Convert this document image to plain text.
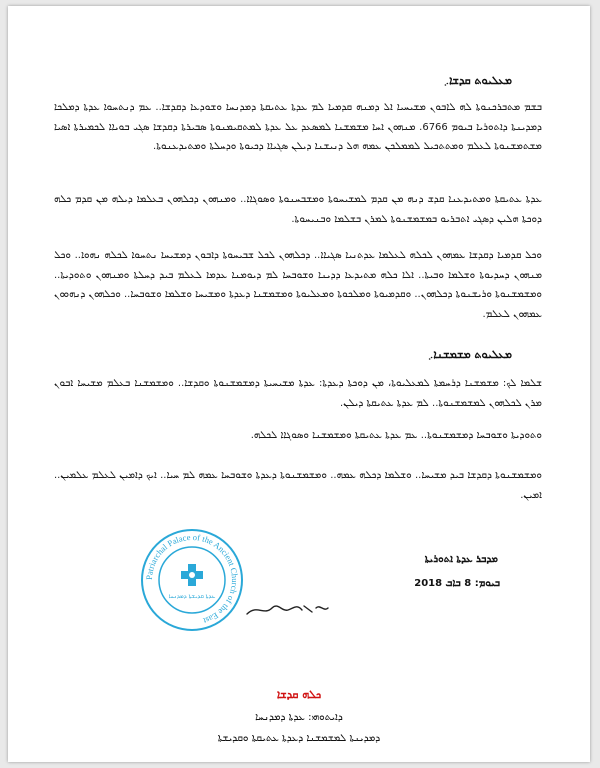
ܡܥܠܝܘܬ ܩܕܫܐ܇
ܒܫܡ ܡܬܒܪܟܢܘܬܐ ܠܗ ܠܐܒܘܢ ܡܫܝܚܝܐ ܐܠ ܕܡܢܗ ܩܕܡܝܐ ܠܡ ܥܕܬܐ ܥܬܝܩܬܐ ܕܡܕܢܚܐ ܘܫܘܕܥܐ ܕܩܕܫܐ.. ܥܡ ܕܢܬܚܘܐ ܥܕܬܐ ܕܡܠܟܐ ܕܡܕܝܢܬܐ ܕܐܬܘܪܝܐ ܒܝܘܡ 6766. ܡܢܗܘܢ ܐܚܐ ܡܫܡܫܢܐ ܠܡܣܥܕ ܥܠ ܥܕܬܐ ܠܡܬܩܝܡܢܘܬܐ ܣܒܝܪܬܐ ܕܩܕܫܐ ܣܓܝ ܒܘܝܐܐ ܠܟܡܝܪܬܐ ܐܣܝܐ ܡܫܬܡܫܢܘܬܐ ܠܥܠܡ ܘܡܬܬܟܝܠ ܠܡܡܠܟܢ ܥܡܗ ܗܠ ܕܢܝܫܢܐ ܕܝܠܢ ܣܓܝܐܐ ܕܟܝܘܬܐ ܘܕܚܠܬܐ ܘܡܬܝܕܥܢܘܬܐ.
ܥܕܬܐ ܥܬܝܩܬܐ ܘܡܬܝܕܥܢܐ ܩܕܫ ܕܢܗ ܡܢ ܩܕܡ ܠܡܫܝܚܘܬܐ ܘܡܫܒܚܢܘܬܐ ܘܣܘܓܐܐ.. ܘܡܢܗܘܢ ܕܟܠܗܘܢ ܒܥܠܡܐ ܕܝܠܗ ܡܢ ܩܕܡ ܟܠܗ ܕܘܟܬܐ ܗܠܝܢ ܕܣܓܝ ܐܬܒܪܝܘ ܒܡܫܡܫܢܘܬܐ ܠܡܪܢ ܒܫܠܡܐ ܘܒܢܝܚܘܬܐ.
ܘܟܠ ܩܕܡܝܐ ܕܩܕܫܐ ܥܡܗܘܢ ܠܟܠܗ ܠܥܠܡܐ ܥܕܬܢܝܐ ܣܓܝܐܐ.. ܕܟܠܗܘܢ ܠܟܠ ܫܒܝܚܘܬܐ ܕܐܒܘܢ ܕܡܫܝܚܐ ܢܬܚܘܐ ܠܟܠܗ ܢܗܘܐ.. ܘܟܠ ܡܢܗܘܢ ܕܚܕܝܘܬܐ ܘܫܠܡܐ ܘܒܝܬܐ.. ܐܠܐ ܟܠܗ ܡܬܝܕܥܐ ܕܕܝܢܐ ܘܫܘܒܚܐ ܠܡ ܕܝܘܡܢܐ ܥܕܡܐ ܠܥܠܡ ܒܝܕ ܕܚܠܬܐ ܘܡܢܗܘܢ ܘܬܘܕܝܬܐ.. ܘܡܫܡܫܢܘܬܐ ܘܪܝܫܢܘܬܐ ܕܟܠܗܘܢ.. ܘܩܕܡܝܘܬܐ ܘܡܠܟܘܬܐ ܘܡܥܠܝܘܬܐ ܘܡܫܡܫܢܐ ܕܥܕܬܐ ܘܡܫܝܚܐ ܘܫܠܡܐ ܘܫܘܒܚܐ.. ܘܟܠܗܘܢ ܕܢܗܘܘܢ ܥܡܗܘܢ ܠܥܠܡ.
ܡܥܠܝܘܬ ܡܫܡܫܢܐ܇
ܫܠܡܐ ܠܟ: ܡܫܡܫܢܐ ܕܪܚܡܬܐ ܠܡܥܠܝܘܬܐ، ܡܢ ܕܘܟܬܐ ܕܥܕܬܐ: ܥܕܬܐ ܡܫܝܚܝܬܐ ܕܡܫܡܫܢܘܬܐ ܘܩܕܫܐ.. ܘܡܫܡܫܢܐ ܒܥܠܡ ܡܫܝܚܐ ܐܒܘܢ ܡܪܢ ܠܟܠܗܘܢ ܠܡܫܡܫܢܘܬܐ.. ܠܡ ܥܕܬܐ ܥܬܝܩܬܐ ܕܝܠܢ.
ܘܬܘܕܝܬܐ ܘܫܘܒܚܐ ܕܡܫܡܫܢܘܬܐ.. ܥܡ ܥܕܬܐ ܥܬܝܩܬܐ ܘܡܫܡܫܢܐ ܘܣܘܓܐܐ ܠܟܠܗ.
ܘܡܫܡܫܢܘܬܐ ܕܩܕܫܐ ܒܝܕ ܡܫܝܚܐ.. ܘܫܠܡܐ ܕܟܠܗ ܥܡܗ.. ܘܡܫܡܫܢܘܬܐ ܕܥܕܬܐ ܘܫܘܒܚܐ ܥܡܗ ܠܡ ܚܝܐ.. ܐܝܟ ܕܐܡܝܢ ܠܥܠܡ ܥܠܡܝܢ.. ܐܡܝܢ.
ܡܕܒܪ ܥܕܬܐ ܐܬܘܪܝܬܐ
ܒܝܘܡ: 8 ܒܐܒ 2018
Patriarchal Palace of the Ancient Church of the East
ܥܕܬܐ ܩܕܝܫܬܐ ܕܡܕܢܚܐ
ܟܠܗ ܩܕܫܐ
ܕܐܝܬܘܗܝ: ܥܕܬܐ ܕܡܕܢܚܐ
ܕܡܕܝܢܬܐ ܠܡܫܡܫܢܐ ܕܥܕܬܐ ܥܬܝܩܬܐ ܘܩܕܝܫܬܐ
